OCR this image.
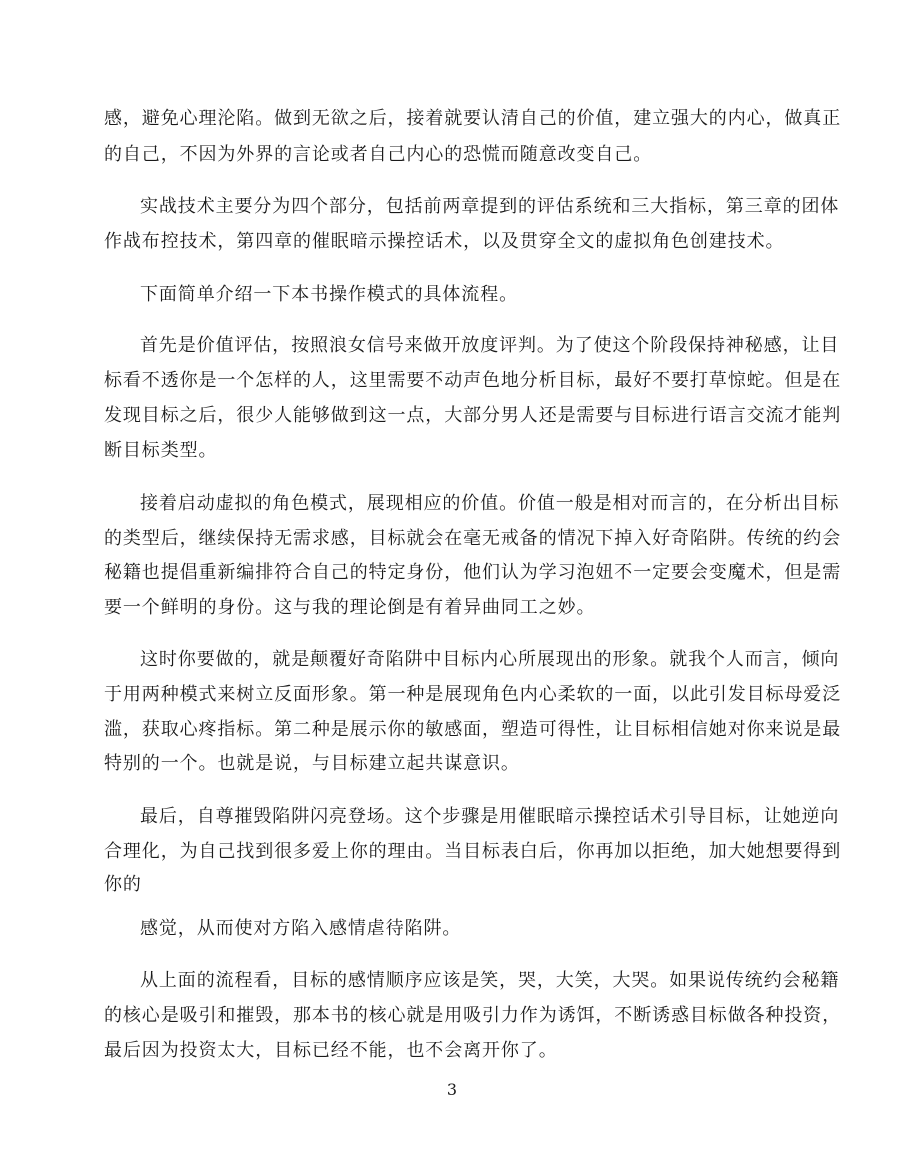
感，避免心理沦陷。做到无欲之后，接着就要认清自己的价值，建立强大的内心，做真正
的自己，不因为外界的言论或者自己内心的恐慌而随意改变自己。
实战技术主要分为四个部分，包括前两章提到的评估系统和三大指标，第三章的团体
作战布控技术，第四章的催眠暗示操控话术，以及贯穿全文的虚拟角色创建技术。
下面简单介绍一下本书操作模式的具体流程。
首先是价值评估，按照浪女信号来做开放度评判。为了使这个阶段保持神秘感，让目
标看不透你是一个怎样的人，这里需要不动声色地分析目标，最好不要打草惊蛇。但是在
发现目标之后，很少人能够做到这一点，大部分男人还是需要与目标进行语言交流才能判
断目标类型。
接着启动虚拟的角色模式，展现相应的价值。价值一般是相对而言的，在分析出目标
的类型后，继续保持无需求感，目标就会在毫无戒备的情况下掉入好奇陷阱。传统的约会
秘籍也提倡重新编排符合自己的特定身份，他们认为学习泡妞不一定要会变魔术，但是需
要一个鲜明的身份。这与我的理论倒是有着异曲同工之妙。
这时你要做的，就是颠覆好奇陷阱中目标内心所展现出的形象。就我个人而言，倾向
于用两种模式来树立反面形象。第一种是展现角色内心柔软的一面，以此引发目标母爱泛
滥，获取心疼指标。第二种是展示你的敏感面，塑造可得性，让目标相信她对你来说是最
特别的一个。也就是说，与目标建立起共谋意识。
最后，自尊摧毁陷阱闪亮登场。这个步骤是用催眠暗示操控话术引导目标，让她逆向
合理化，为自己找到很多爱上你的理由。当目标表白后，你再加以拒绝，加大她想要得到
你的
感觉，从而使对方陷入感情虐待陷阱。
从上面的流程看，目标的感情顺序应该是笑，哭，大笑，大哭。如果说传统约会秘籍
的核心是吸引和摧毁，那本书的核心就是用吸引力作为诱饵，不断诱惑目标做各种投资，
最后因为投资太大，目标已经不能，也不会离开你了。
3
